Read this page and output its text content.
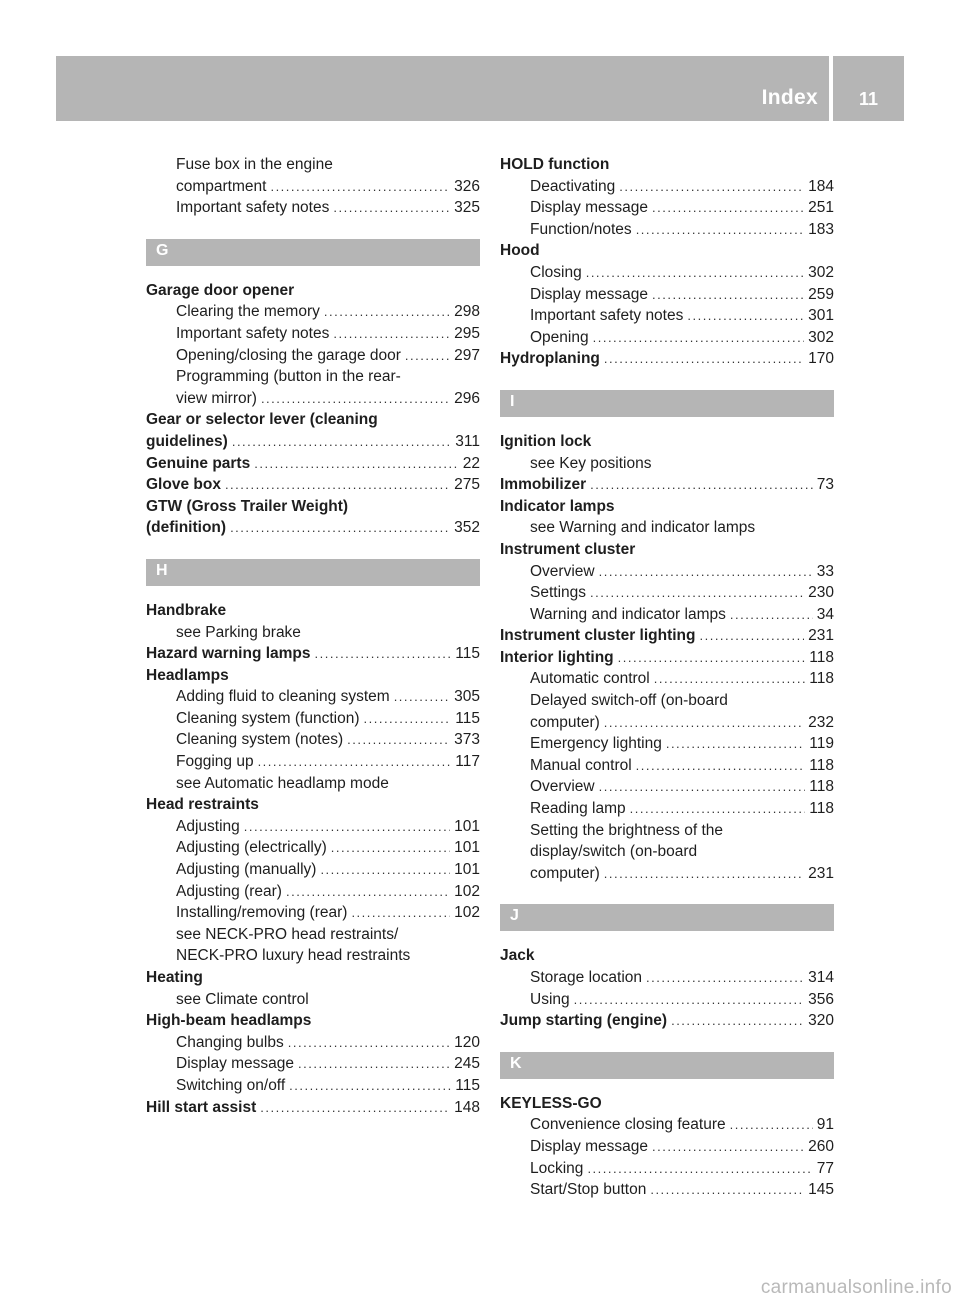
Index 11
Fuse box in the engine
compartment .....	326
Important safety notes .....	325
G
Garage door opener
Clearing the memory .....	298
Important safety notes .....	295
Opening/closing the garage door .....	297
Programming (button in the rear-
view mirror) .....	296
Gear or selector lever (cleaning
guidelines) .....	311
Genuine parts .....	22
Glove box .....	275
GTW (Gross Trailer Weight)
(definition) .....	352
H
Handbrake
see Parking brake
Hazard warning lamps .....	115
Headlamps
Adding fluid to cleaning system .....	305
Cleaning system (function) .....	115
Cleaning system (notes) .....	373
Fogging up .....	117
see Automatic headlamp mode
Head restraints
Adjusting .....	101
Adjusting (electrically) .....	101
Adjusting (manually) .....	101
Adjusting (rear) .....	102
Installing/removing (rear) .....	102
see NECK-PRO head restraints/
NECK-PRO luxury head restraints
Heating
see Climate control
High-beam headlamps
Changing bulbs .....	120
Display message .....	245
Switching on/off .....	115
Hill start assist .....	148
HOLD function
Deactivating .....	184
Display message .....	251
Function/notes .....	183
Hood
Closing .....	302
Display message .....	259
Important safety notes .....	301
Opening .....	302
Hydroplaning .....	170
I
Ignition lock
see Key positions
Immobilizer .....	73
Indicator lamps
see Warning and indicator lamps
Instrument cluster
Overview .....	33
Settings .....	230
Warning and indicator lamps .....	34
Instrument cluster lighting .....	231
Interior lighting .....	118
Automatic control .....	118
Delayed switch-off (on-board
computer) .....	232
Emergency lighting .....	119
Manual control .....	118
Overview .....	118
Reading lamp .....	118
Setting the brightness of the
display/switch (on-board
computer) .....	231
J
Jack
Storage location .....	314
Using .....	356
Jump starting (engine) .....	320
K
KEYLESS-GO
Convenience closing feature .....	91
Display message .....	260
Locking .....	77
Start/Stop button .....	145
carmanualsonline.info
